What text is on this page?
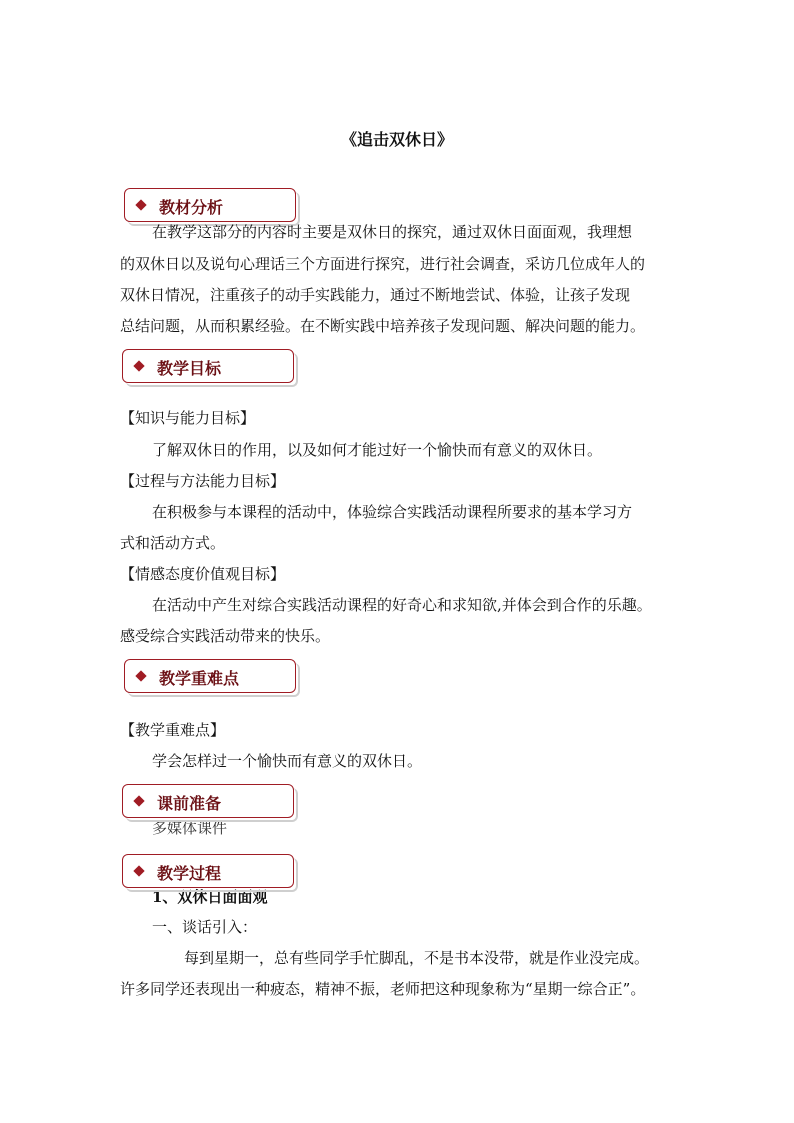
《追击双休日》
教材分析
在教学这部分的内容时主要是双休日的探究，通过双休日面面观，我理想
的双休日以及说句心理话三个方面进行探究，进行社会调查，采访几位成年人的
双休日情况，注重孩子的动手实践能力，通过不断地尝试、体验，让孩子发现
总结问题，从而积累经验。在不断实践中培养孩子发现问题、解决问题的能力。
教学目标
【知识与能力目标】
了解双休日的作用，以及如何才能过好一个愉快而有意义的双休日。
【过程与方法能力目标】
在积极参与本课程的活动中，体验综合实践活动课程所要求的基本学习方
式和活动方式。
【情感态度价值观目标】
在活动中产生对综合实践活动课程的好奇心和求知欲,并体会到合作的乐趣。
感受综合实践活动带来的快乐。
教学重难点
【教学重难点】
学会怎样过一个愉快而有意义的双休日。
多媒体课件
课前准备
1、双休日面面观
教学过程
一、谈话引入：
每到星期一，总有些同学手忙脚乱，不是书本没带，就是作业没完成。
许多同学还表现出一种疲态，精神不振，老师把这种现象称为“星期一综合正”。
